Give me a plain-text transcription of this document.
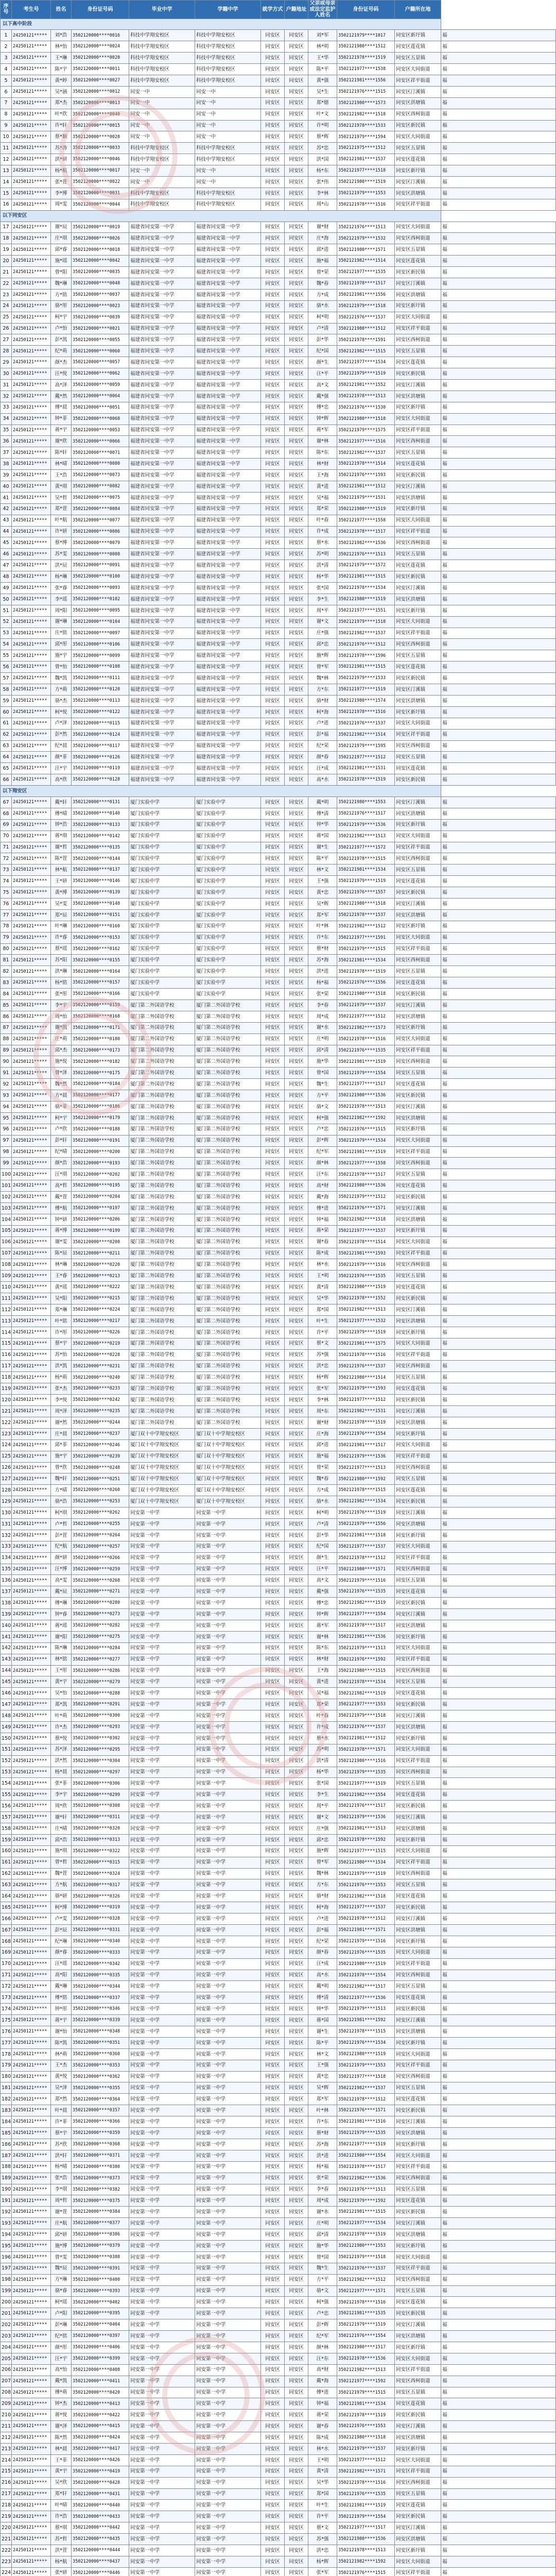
序号	考生号	姓名	身份证号码	毕业中学	学籍中学	就学方式	户籍地址	父亲或母亲或法定监护人姓名	身份证号码	户籍所在地	
以下高中阶段											
1	24250121*****	刘*浩	3502120000****0016	科技中学翔安校区	科技中学翔安校区	同安区	同安区	刘*军	3502121979****1017	同安区新圩镇	福
2	24250121*****	林*怡	3502120000****0024	科技中学翔安校区	科技中学翔安校区	同安区	同安区	林*明	3502121980****1512	同安区莲花镇	福
3	24250121*****	王*琳	3502120000****0028	科技中学翔安校区	科技中学翔安校区	同安区	同安区	王*华	3502121978****1519	同安区五显镇	福
4	24250121*****	陈*宇	3502120000****0011	科技中学翔安校区	科技中学翔安校区	同安区	同安区	陈*平	3502121977****1538	同安区大同街道	福
5	24250121*****	黄*婷	3502120000****0027	科技中学翔安校区	科技中学翔安校区	同安区	同安区	黄*强	3502121981****1556	同安区祥平街道	福
6	24250121*****	吴*涵	3502120000****0012	同安一中	同安一中	同安区	同安区	吴*生	3502121976****1515	同安区汀溪镇	福
7	24250121*****	郑*杰	3502120000****0013	同安一中	同安一中	同安区	同安区	郑*德	3502121980****1573	同安区洪塘镇	福
8	24250121*****	叶*欣	3502120000****0040	同安一中	同安一中	同安区	同安区	叶*文	3502121982****1518	同安区西柯街道	福
9	24250121*****	许*轩	3502120000****0015	同安一中	同安一中	同安区	同安区	许*明	3502121978****1533	同安区新民镇	福
10	24250121*****	蔡*颖	3502120000****0020	同安一中	同安一中	同安区	同安区	蔡*辉	3502121979****1594	同安区大同街道	福
11	24250121*****	苏*涛	3502120000****0033	科技中学翔安校区	科技中学翔安校区	同安区	同安区	苏*忠	3502121975****1512	同安区五显镇	福
12	24250121*****	洪*妍	3502120000****0046	科技中学翔安校区	科技中学翔安校区	同安区	同安区	洪*国	3502121981****1537	同安区莲花镇	福
13	24250121*****	杨*航	3502120000****0017	同安一中	同安一中	同安区	同安区	杨*东	3502121977****1518	同安区新圩镇	福
14	24250121*****	张*萱	3502120000****0022	同安一中	同安一中	同安区	同安区	张*伟	3502121980****1519	同安区汀溪镇	福
15	24250121*****	李*博	3502120000****0031	科技中学翔安校区	科技中学翔安校区	同安区	同安区	李*林	3502121979****1553	同安区洪塘镇	福
16	24250121*****	周*雯	3502120000****0044	科技中学翔安校区	科技中学翔安校区	同安区	同安区	周*山	3502121978****1516	同安区祥平街道	福
以下同安区											
17	24250121*****	谢*辰	3502120000****0019	福建省同安第一中学	福建省同安第一中学	同安区	同安区	谢*财	3502121976****1513	同安区大同街道	福
18	24250121*****	庄*琪	3502120000****0026	福建省同安第一中学	福建省同安第一中学	同安区	同安区	庄*海	3502121979****1532	同安区西柯街道	福
19	24250121*****	邱*睿	3502120000****0018	福建省同安第一中学	福建省同安第一中学	同安区	同安区	邱*进	3502121980****1571	同安区五显镇	福
20	24250121*****	施*瑶	3502120000****0042	福建省同安第一中学	福建省同安第一中学	同安区	同安区	施*福	3502121982****1514	同安区莲花镇	福
21	24250121*****	曾*阳	3502120000****0035	福建省同安第一中学	福建省同安第一中学	同安区	同安区	曾*荣	3502121977****1535	同安区新民镇	福
22	24250121*****	魏*琳	3502120000****0048	福建省同安第一中学	福建省同安第一中学	同安区	同安区	魏*春	3502121978****1517	同安区汀溪镇	福
23	24250121*****	方*铭	3502120000****0037	福建省同安第一中学	福建省同安第一中学	同安区	同安区	方*成	3502121981****1556	同安区洪塘镇	福
24	24250121*****	骆*彤	3502120000****0023	福建省同安第一中学	福建省同安第一中学	同安区	同安区	骆*水	3502121979****1518	同安区新圩镇	福
25	24250121*****	柯*宇	3502120000****0039	福建省同安第一中学	福建省同安第一中学	同安区	同安区	柯*明	3502121976****1537	同安区大同街道	福
26	24250121*****	卢*怡	3502120000****0021	福建省同安第一中学	福建省同安第一中学	同安区	同安区	卢*清	3502121980****1512	同安区祥平街道	福
27	24250121*****	彭*凯	3502120000****0055	福建省同安第一中学	福建省同安第一中学	同安区	同安区	彭*华	3502121978****1591	同安区西柯街道	福
28	24250121*****	纪*萌	3502120000****0060	福建省同安第一中学	福建省同安第一中学	同安区	同安区	纪*国	3502121982****1515	同安区五显镇	福
29	24250121*****	颜*杰	3502120000****0057	福建省同安第一中学	福建省同安第一中学	同安区	同安区	颜*生	3502121977****1534	同安区莲花镇	福
30	24250121*****	汪*悦	3502120000****0062	福建省同安第一中学	福建省同安第一中学	同安区	同安区	汪*平	3502121979****1519	同安区新民镇	福
31	24250121*****	高*泽	3502120000****0059	福建省同安第一中学	福建省同安第一中学	同安区	同安区	高*文	3502121981****1552	同安区汀溪镇	福
32	24250121*****	戴*然	3502120000****0064	福建省同安第一中学	福建省同安第一中学	同安区	同安区	戴*强	3502121978****1513	同安区洪塘镇	福
33	24250121*****	傅*晨	3502120000****0051	福建省同安第一中学	福建省同安第一中学	同安区	同安区	傅*忠	3502121976****1530	同安区新圩镇	福
34	24250121*****	钟*菲	3502120000****0068	福建省同安第一中学	福建省同安第一中学	同安区	同安区	钟*辉	3502121980****1518	同安区大同街道	福
35	24250121*****	蒋*宇	3502120000****0053	福建省同安第一中学	福建省同安第一中学	同安区	同安区	蒋*军	3502121979****1575	同安区祥平街道	福
36	24250121*****	谢*欣	3502120000****0066	福建省同安第一中学	福建省同安第一中学	同安区	同安区	谢*林	3502121977****1516	同安区西柯街道	福
37	24250121*****	陈*轩	3502120000****0071	福建省同安第一中学	福建省同安第一中学	同安区	同安区	陈*东	3502121982****1537	同安区五显镇	福
38	24250121*****	林*晴	3502120000****0080	福建省同安第一中学	福建省同安第一中学	同安区	同安区	林*财	3502121978****1514	同安区莲花镇	福
39	24250121*****	王*浩	3502120000****0073	福建省同安第一中学	福建省同安第一中学	同安区	同安区	王*海	3502121976****1593	同安区新民镇	福
40	24250121*****	黄*琪	3502120000****0082	福建省同安第一中学	福建省同安第一中学	同安区	同安区	黄*进	3502121981****1512	同安区汀溪镇	福
41	24250121*****	吴*哲	3502120000****0075	福建省同安第一中学	福建省同安第一中学	同安区	同安区	吴*福	3502121979****1531	同安区洪塘镇	福
42	24250121*****	郑*萱	3502120000****0084	福建省同安第一中学	福建省同安第一中学	同安区	同安区	郑*荣	3502121980****1519	同安区新圩镇	福
43	24250121*****	叶*航	3502120000****0077	福建省同安第一中学	福建省同安第一中学	同安区	同安区	叶*春	3502121977****1558	同安区大同街道	福
44	24250121*****	许*妍	3502120000****0086	福建省同安第一中学	福建省同安第一中学	同安区	同安区	许*成	3502121978****1517	同安区祥平街道	福
45	24250121*****	蔡*博	3502120000****0079	福建省同安第一中学	福建省同安第一中学	同安区	同安区	蔡*水	3502121982****1536	同安区西柯街道	福
46	24250121*****	苏*雯	3502120000****0088	福建省同安第一中学	福建省同安第一中学	同安区	同安区	苏*明	3502121976****1513	同安区五显镇	福
47	24250121*****	洪*辰	3502120000****0091	福建省同安第一中学	福建省同安第一中学	同安区	同安区	洪*清	3502121979****1572	同安区莲花镇	福
48	24250121*****	杨*琳	3502120000****0100	福建省同安第一中学	福建省同安第一中学	同安区	同安区	杨*华	3502121981****1515	同安区新民镇	福
49	24250121*****	张*睿	3502120000****0093	福建省同安第一中学	福建省同安第一中学	同安区	同安区	张*国	3502121978****1534	同安区汀溪镇	福
50	24250121*****	李*瑶	3502120000****0102	福建省同安第一中学	福建省同安第一中学	同安区	同安区	李*生	3502121980****1519	同安区洪塘镇	福
51	24250121*****	周*阳	3502120000****0095	福建省同安第一中学	福建省同安第一中学	同安区	同安区	周*平	3502121977****1551	同安区新圩镇	福
52	24250121*****	谢*琳	3502120000****0104	福建省同安第一中学	福建省同安第一中学	同安区	同安区	谢*文	3502121979****1518	同安区大同街道	福
53	24250121*****	庄*铭	3502120000****0097	福建省同安第一中学	福建省同安第一中学	同安区	同安区	庄*强	3502121982****1537	同安区祥平街道	福
54	24250121*****	邱*彤	3502120000****0106	福建省同安第一中学	福建省同安第一中学	同安区	同安区	邱*忠	3502121976****1512	同安区西柯街道	福
55	24250121*****	施*宇	3502120000****0099	福建省同安第一中学	福建省同安第一中学	同安区	同安区	施*辉	3502121978****1596	同安区五显镇	福
56	24250121*****	曾*怡	3502120000****0108	福建省同安第一中学	福建省同安第一中学	同安区	同安区	曾*军	3502121981****1515	同安区莲花镇	福
57	24250121*****	魏*凯	3502120000****0111	福建省同安第一中学	福建省同安第一中学	同安区	同安区	魏*林	3502121979****1533	同安区新民镇	福
58	24250121*****	方*萌	3502120000****0120	福建省同安第一中学	福建省同安第一中学	同安区	同安区	方*东	3502121977****1519	同安区汀溪镇	福
59	24250121*****	骆*杰	3502120000****0113	福建省同安第一中学	福建省同安第一中学	同安区	同安区	骆*财	3502121980****1574	同安区洪塘镇	福
60	24250121*****	柯*悦	3502120000****0122	福建省同安第一中学	福建省同安第一中学	同安区	同安区	柯*海	3502121978****1516	同安区新圩镇	福
61	24250121*****	卢*泽	3502120000****0115	福建省同安第一中学	福建省同安第一中学	同安区	同安区	卢*进	3502121976****1537	同安区大同街道	福
62	24250121*****	彭*然	3502120000****0124	福建省同安第一中学	福建省同安第一中学	同安区	同安区	彭*福	3502121982****1514	同安区祥平街道	福
63	24250121*****	纪*晨	3502120000****0117	福建省同安第一中学	福建省同安第一中学	同安区	同安区	纪*荣	3502121979****1595	同安区西柯街道	福
64	24250121*****	颜*菲	3502120000****0126	福建省同安第一中学	福建省同安第一中学	同安区	同安区	颜*春	3502121977****1512	同安区五显镇	福
65	24250121*****	汪*宇	3502120000****0119	福建省同安第一中学	福建省同安第一中学	同安区	同安区	汪*成	3502121981****1531	同安区莲花镇	福
66	24250121*****	高*欣	3502120000****0128	福建省同安第一中学	福建省同安第一中学	同安区	同安区	高*水	3502121978****1519	同安区新民镇	福
以下翔安区											
67	24250121*****	戴*轩	3502120000****0131	厦门实验中学	厦门实验中学	同安区	同安区	戴*明	3502121980****1553	同安区汀溪镇	福
68	24250121*****	傅*晴	3502120000****0140	厦门实验中学	厦门实验中学	同安区	同安区	傅*清	3502121976****1517	同安区洪塘镇	福
69	24250121*****	钟*浩	3502120000****0133	厦门实验中学	厦门实验中学	同安区	同安区	钟*华	3502121979****1536	同安区新圩镇	福
70	24250121*****	蒋*琪	3502120000****0142	厦门实验中学	厦门实验中学	同安区	同安区	蒋*国	3502121982****1513	同安区大同街道	福
71	24250121*****	谢*哲	3502120000****0135	厦门实验中学	厦门实验中学	同安区	同安区	谢*生	3502121977****1572	同安区祥平街道	福
72	24250121*****	陈*萱	3502120000****0144	厦门实验中学	厦门实验中学	同安区	同安区	陈*平	3502121978****1515	同安区西柯街道	福
73	24250121*****	林*航	3502120000****0137	厦门实验中学	厦门实验中学	同安区	同安区	林*文	3502121981****1534	同安区五显镇	福
74	24250121*****	王*妍	3502120000****0146	厦门实验中学	厦门实验中学	同安区	同安区	王*强	3502121979****1519	同安区莲花镇	福
75	24250121*****	黄*博	3502120000****0139	厦门实验中学	厦门实验中学	同安区	同安区	黄*忠	3502121976****1557	同安区新民镇	福
76	24250121*****	吴*雯	3502120000****0148	厦门实验中学	厦门实验中学	同安区	同安区	吴*辉	3502121980****1518	同安区汀溪镇	福
77	24250121*****	郑*辰	3502120000****0151	厦门实验中学	厦门实验中学	同安区	同安区	郑*军	3502121978****1537	同安区洪塘镇	福
78	24250121*****	叶*琳	3502120000****0160	厦门实验中学	厦门实验中学	同安区	同安区	叶*林	3502121982****1512	同安区新圩镇	福
79	24250121*****	许*睿	3502120000****0153	厦门实验中学	厦门实验中学	同安区	同安区	许*东	3502121977****1591	同安区大同街道	福
80	24250121*****	蔡*瑶	3502120000****0162	厦门实验中学	厦门实验中学	同安区	同安区	蔡*财	3502121979****1515	同安区祥平街道	福
81	24250121*****	苏*阳	3502120000****0155	厦门实验中学	厦门实验中学	同安区	同安区	苏*海	3502121981****1534	同安区西柯街道	福
82	24250121*****	洪*琳	3502120000****0164	厦门实验中学	厦门实验中学	同安区	同安区	洪*进	3502121978****1519	同安区五显镇	福
83	24250121*****	杨*铭	3502120000****0157	厦门实验中学	厦门实验中学	同安区	同安区	杨*福	3502121976****1556	同安区莲花镇	福
84	24250121*****	张*彤	3502120000****0166	厦门实验中学	厦门实验中学	同安区	同安区	张*荣	3502121980****1518	同安区新民镇	福
85	24250121*****	李*宇	3502120000****0159	厦门第二外国语学校	厦门第二外国语学校	同安区	同安区	李*春	3502121979****1537	同安区汀溪镇	福
86	24250121*****	周*怡	3502120000****0168	厦门第二外国语学校	厦门第二外国语学校	同安区	同安区	周*成	3502121977****1512	同安区洪塘镇	福
87	24250121*****	谢*凯	3502120000****0171	厦门第二外国语学校	厦门第二外国语学校	同安区	同安区	谢*水	3502121982****1573	同安区新圩镇	福
88	24250121*****	庄*萌	3502120000****0180	厦门第二外国语学校	厦门第二外国语学校	同安区	同安区	庄*明	3502121978****1516	同安区大同街道	福
89	24250121*****	邱*杰	3502120000****0173	厦门第二外国语学校	厦门第二外国语学校	同安区	同安区	邱*清	3502121976****1535	同安区祥平街道	福
90	24250121*****	施*悦	3502120000****0182	厦门第二外国语学校	厦门第二外国语学校	同安区	同安区	施*华	3502121981****1519	同安区西柯街道	福
91	24250121*****	曾*泽	3502120000****0175	厦门第二外国语学校	厦门第二外国语学校	同安区	同安区	曾*国	3502121979****1554	同安区五显镇	福
92	24250121*****	魏*然	3502120000****0184	厦门第二外国语学校	厦门第二外国语学校	同安区	同安区	魏*生	3502121977****1517	同安区莲花镇	福
93	24250121*****	方*晨	3502120000****0177	厦门第二外国语学校	厦门第二外国语学校	同安区	同安区	方*平	3502121980****1536	同安区新民镇	福
94	24250121*****	骆*菲	3502120000****0186	厦门第二外国语学校	厦门第二外国语学校	同安区	同安区	骆*文	3502121978****1513	同安区汀溪镇	福
95	24250121*****	柯*宇	3502120000****0179	厦门第二外国语学校	厦门第二外国语学校	同安区	同安区	柯*强	3502121982****1592	同安区洪塘镇	福
96	24250121*****	卢*欣	3502120000****0188	厦门第二外国语学校	厦门第二外国语学校	同安区	同安区	卢*忠	3502121976****1515	同安区新圩镇	福
97	24250121*****	彭*轩	3502120000****0191	厦门第二外国语学校	厦门第二外国语学校	同安区	同安区	彭*辉	3502121979****1534	同安区大同街道	福
98	24250121*****	纪*晴	3502120000****0200	厦门第二外国语学校	厦门第二外国语学校	同安区	同安区	纪*军	3502121981****1519	同安区祥平街道	福
99	24250121*****	颜*浩	3502120000****0193	厦门第二外国语学校	厦门第二外国语学校	同安区	同安区	颜*林	3502121977****1558	同安区西柯街道	福
100	24250121*****	汪*琪	3502120000****0202	厦门第二外国语学校	厦门第二外国语学校	同安区	同安区	汪*东	3502121978****1517	同安区五显镇	福
101	24250121*****	高*哲	3502120000****0195	厦门第二外国语学校	厦门第二外国语学校	同安区	同安区	高*财	3502121980****1536	同安区莲花镇	福
102	24250121*****	戴*萱	3502120000****0204	厦门第二外国语学校	厦门第二外国语学校	同安区	同安区	戴*海	3502121979****1512	同安区新民镇	福
103	24250121*****	傅*航	3502120000****0197	厦门第二外国语学校	厦门第二外国语学校	同安区	同安区	傅*进	3502121976****1571	同安区汀溪镇	福
104	24250121*****	钟*妍	3502120000****0206	厦门第二外国语学校	厦门第二外国语学校	同安区	同安区	钟*福	3502121982****1518	同安区洪塘镇	福
105	24250121*****	蒋*博	3502120000****0199	厦门第二外国语学校	厦门第二外国语学校	同安区	同安区	蒋*荣	3502121977****1537	同安区新圩镇	福
106	24250121*****	谢*雯	3502120000****0208	厦门第二外国语学校	厦门第二外国语学校	同安区	同安区	谢*春	3502121978****1514	同安区大同街道	福
107	24250121*****	陈*辰	3502120000****0211	厦门第二外国语学校	厦门第二外国语学校	同安区	同安区	陈*成	3502121981****1593	同安区祥平街道	福
108	24250121*****	林*琳	3502120000****0220	厦门第二外国语学校	厦门第二外国语学校	同安区	同安区	林*水	3502121979****1516	同安区西柯街道	福
109	24250121*****	王*睿	3502120000****0213	厦门第二外国语学校	厦门第二外国语学校	同安区	同安区	王*明	3502121976****1535	同安区五显镇	福
110	24250121*****	黄*瑶	3502120000****0222	厦门第二外国语学校	厦门第二外国语学校	同安区	同安区	黄*清	3502121980****1519	同安区莲花镇	福
111	24250121*****	吴*阳	3502120000****0215	厦门第二外国语学校	厦门第二外国语学校	同安区	同安区	吴*华	3502121978****1552	同安区新民镇	福
112	24250121*****	郑*琳	3502120000****0224	厦门第二外国语学校	厦门第二外国语学校	同安区	同安区	郑*国	3502121982****1513	同安区汀溪镇	福
113	24250121*****	叶*铭	3502120000****0217	厦门第二外国语学校	厦门第二外国语学校	同安区	同安区	叶*生	3502121977****1532	同安区洪塘镇	福
114	24250121*****	许*彤	3502120000****0226	厦门第二外国语学校	厦门第二外国语学校	同安区	同安区	许*平	3502121979****1519	同安区新圩镇	福
115	24250121*****	蔡*宇	3502120000****0219	厦门第二外国语学校	厦门第二外国语学校	同安区	同安区	蔡*文	3502121981****1575	同安区大同街道	福
116	24250121*****	苏*怡	3502120000****0228	厦门第二外国语学校	厦门第二外国语学校	同安区	同安区	苏*强	3502121978****1516	同安区祥平街道	福
117	24250121*****	洪*凯	3502120000****0231	厦门第二外国语学校	厦门第二外国语学校	同安区	同安区	洪*忠	3502121976****1537	同安区西柯街道	福
118	24250121*****	杨*萌	3502120000****0240	厦门第二外国语学校	厦门第二外国语学校	同安区	同安区	杨*辉	3502121980****1514	同安区五显镇	福
119	24250121*****	张*杰	3502120000****0233	厦门第二外国语学校	厦门第二外国语学校	同安区	同安区	张*军	3502121979****1593	同安区莲花镇	福
120	24250121*****	李*悦	3502120000****0242	厦门第二外国语学校	厦门第二外国语学校	同安区	同安区	李*林	3502121977****1512	同安区新民镇	福
121	24250121*****	周*泽	3502120000****0235	厦门第二外国语学校	厦门第二外国语学校	同安区	同安区	周*东	3502121982****1531	同安区汀溪镇	福
122	24250121*****	谢*然	3502120000****0244	厦门第二外国语学校	厦门第二外国语学校	同安区	同安区	谢*财	3502121978****1519	同安区洪塘镇	福
123	24250121*****	庄*晨	3502120000****0237	厦门双十中学翔安校区	厦门双十中学翔安校区	同安区	同安区	庄*海	3502121976****1554	同安区新圩镇	福
124	24250121*****	邱*菲	3502120000****0246	厦门双十中学翔安校区	厦门双十中学翔安校区	同安区	同安区	邱*进	3502121981****1517	同安区大同街道	福
125	24250121*****	施*宇	3502120000****0239	厦门双十中学翔安校区	厦门双十中学翔安校区	同安区	同安区	施*福	3502121979****1536	同安区祥平街道	福
126	24250121*****	曾*欣	3502120000****0248	厦门双十中学翔安校区	厦门双十中学翔安校区	同安区	同安区	曾*荣	3502121977****1513	同安区西柯街道	福
127	24250121*****	魏*轩	3502120000****0251	厦门双十中学翔安校区	厦门双十中学翔安校区	同安区	同安区	魏*春	3502121980****1592	同安区五显镇	福
128	24250121*****	方*晴	3502120000****0260	厦门双十中学翔安校区	厦门双十中学翔安校区	同安区	同安区	方*成	3502121978****1515	同安区莲花镇	福
129	24250121*****	骆*浩	3502120000****0253	厦门双十中学翔安校区	厦门双十中学翔安校区	同安区	同安区	骆*水	3502121982****1534	同安区新民镇	福
130	24250121*****	柯*琪	3502120000****0262	同安第一中学	同安第一中学	同安区	同安区	柯*明	3502121976****1519	同安区汀溪镇	福
131	24250121*****	卢*哲	3502120000****0255	同安第一中学	同安第一中学	同安区	同安区	卢*清	3502121979****1556	同安区洪塘镇	福
132	24250121*****	彭*萱	3502120000****0264	同安第一中学	同安第一中学	同安区	同安区	彭*华	3502121981****1518	同安区新圩镇	福
133	24250121*****	纪*航	3502120000****0257	同安第一中学	同安第一中学	同安区	同安区	纪*国	3502121977****1537	同安区大同街道	福
134	24250121*****	颜*妍	3502120000****0266	同安第一中学	同安第一中学	同安区	同安区	颜*生	3502121978****1512	同安区祥平街道	福
135	24250121*****	汪*博	3502120000****0259	同安第一中学	同安第一中学	同安区	同安区	汪*平	3502121980****1571	同安区西柯街道	福
136	24250121*****	高*雯	3502120000****0268	同安第一中学	同安第一中学	同安区	同安区	高*文	3502121979****1516	同安区五显镇	福
137	24250121*****	戴*辰	3502120000****0271	同安第一中学	同安第一中学	同安区	同安区	戴*强	3502121976****1535	同安区莲花镇	福
138	24250121*****	傅*琳	3502120000****0280	同安第一中学	同安第一中学	同安区	同安区	傅*忠	3502121982****1519	同安区新民镇	福
139	24250121*****	钟*睿	3502120000****0273	同安第一中学	同安第一中学	同安区	同安区	钟*辉	3502121977****1554	同安区汀溪镇	福
140	24250121*****	蒋*瑶	3502120000****0282	同安第一中学	同安第一中学	同安区	同安区	蒋*军	3502121978****1517	同安区洪塘镇	福
141	24250121*****	谢*阳	3502120000****0275	同安第一中学	同安第一中学	同安区	同安区	谢*林	3502121981****1536	同安区新圩镇	福
142	24250121*****	陈*琳	3502120000****0284	同安第一中学	同安第一中学	同安区	同安区	陈*东	3502121979****1513	同安区大同街道	福
143	24250121*****	林*铭	3502120000****0277	同安第一中学	同安第一中学	同安区	同安区	林*财	3502121976****1592	同安区祥平街道	福
144	24250121*****	王*彤	3502120000****0286	同安第一中学	同安第一中学	同安区	同安区	王*海	3502121980****1515	同安区西柯街道	福
145	24250121*****	黄*宇	3502120000****0279	同安第一中学	同安第一中学	同安区	同安区	黄*进	3502121978****1534	同安区五显镇	福
146	24250121*****	吴*怡	3502120000****0288	同安第一中学	同安第一中学	同安区	同安区	吴*福	3502121982****1519	同安区莲花镇	福
147	24250121*****	郑*凯	3502120000****0291	同安第一中学	同安第一中学	同安区	同安区	郑*荣	3502121977****1553	同安区新民镇	福
148	24250121*****	叶*萌	3502120000****0300	同安第一中学	同安第一中学	同安区	同安区	叶*春	3502121979****1518	同安区汀溪镇	福
149	24250121*****	许*杰	3502120000****0293	同安第一中学	同安第一中学	同安区	同安区	许*成	3502121976****1537	同安区洪塘镇	福
150	24250121*****	蔡*悦	3502120000****0302	同安第一中学	同安第一中学	同安区	同安区	蔡*水	3502121981****1512	同安区新圩镇	福
151	24250121*****	苏*泽	3502120000****0295	同安第一中学	同安第一中学	同安区	同安区	苏*明	3502121978****1571	同安区大同街道	福
152	24250121*****	洪*然	3502120000****0304	同安第一中学	同安第一中学	同安区	同安区	洪*清	3502121980****1516	同安区祥平街道	福
153	24250121*****	杨*晨	3502120000****0297	同安第一中学	同安第一中学	同安区	同安区	杨*华	3502121979****1535	同安区西柯街道	福
154	24250121*****	张*菲	3502120000****0306	同安第一中学	同安第一中学	同安区	同安区	张*国	3502121977****1519	同安区五显镇	福
155	24250121*****	李*宇	3502120000****0299	同安第一中学	同安第一中学	同安区	同安区	李*生	3502121982****1554	同安区莲花镇	福
156	24250121*****	周*欣	3502120000****0308	同安第一中学	同安第一中学	同安区	同安区	周*平	3502121976****1517	同安区新民镇	福
157	24250121*****	谢*轩	3502120000****0311	同安第一中学	同安第一中学	同安区	同安区	谢*文	3502121979****1536	同安区汀溪镇	福
158	24250121*****	庄*晴	3502120000****0320	同安第一中学	同安第一中学	同安区	同安区	庄*强	3502121981****1513	同安区洪塘镇	福
159	24250121*****	邱*浩	3502120000****0313	同安第一中学	同安第一中学	同安区	同安区	邱*忠	3502121978****1592	同安区新圩镇	福
160	24250121*****	施*琪	3502120000****0322	同安第一中学	同安第一中学	同安区	同安区	施*辉	3502121977****1515	同安区大同街道	福
161	24250121*****	曾*哲	3502120000****0315	同安第一中学	同安第一中学	同安区	同安区	曾*军	3502121980****1534	同安区祥平街道	福
162	24250121*****	魏*萱	3502120000****0324	同安第一中学	同安第一中学	同安区	同安区	魏*林	3502121979****1519	同安区西柯街道	福
163	24250121*****	方*航	3502120000****0317	同安第一中学	同安第一中学	同安区	同安区	方*东	3502121976****1553	同安区五显镇	福
164	24250121*****	骆*妍	3502120000****0326	同安第一中学	同安第一中学	同安区	同安区	骆*财	3502121982****1518	同安区莲花镇	福
165	24250121*****	柯*博	3502120000****0319	同安第一中学	同安第一中学	同安区	同安区	柯*海	3502121977****1537	同安区新民镇	福
166	24250121*****	卢*雯	3502120000****0328	同安第一中学	同安第一中学	同安区	同安区	卢*进	3502121978****1512	同安区汀溪镇	福
167	24250121*****	彭*辰	3502120000****0331	同安第一中学	同安第一中学	同安区	同安区	彭*福	3502121981****1571	同安区洪塘镇	福
168	24250121*****	纪*琳	3502120000****0340	同安第一中学	同安第一中学	同安区	同安区	纪*荣	3502121979****1516	同安区新圩镇	福
169	24250121*****	颜*睿	3502120000****0333	同安第一中学	同安第一中学	同安区	同安区	颜*春	3502121976****1535	同安区大同街道	福
170	24250121*****	汪*瑶	3502120000****0342	同安第一中学	同安第一中学	同安区	同安区	汪*成	3502121980****1519	同安区祥平街道	福
171	24250121*****	高*阳	3502120000****0335	同安第一中学	同安第一中学	同安区	同安区	高*水	3502121978****1554	同安区西柯街道	福
172	24250121*****	戴*琳	3502120000****0344	同安第一中学	同安第一中学	同安区	同安区	戴*明	3502121982****1517	同安区五显镇	福
173	24250121*****	傅*铭	3502120000****0337	同安第一中学	同安第一中学	同安区	同安区	傅*清	3502121977****1536	同安区莲花镇	福
174	24250121*****	钟*彤	3502120000****0346	同安第一中学	同安第一中学	同安区	同安区	钟*华	3502121979****1513	同安区新民镇	福
175	24250121*****	蒋*宇	3502120000****0339	同安第一中学	同安第一中学	同安区	同安区	蒋*国	3502121981****1592	同安区汀溪镇	福
176	24250121*****	谢*怡	3502120000****0348	同安第一中学	同安第一中学	同安区	同安区	谢*生	3502121978****1515	同安区洪塘镇	福
177	24250121*****	陈*凯	3502120000****0351	同安第一中学	同安第一中学	同安区	同安区	陈*平	3502121976****1534	同安区新圩镇	福
178	24250121*****	林*萌	3502120000****0360	同安第一中学	同安第一中学	同安区	同安区	林*文	3502121980****1519	同安区大同街道	福
179	24250121*****	王*杰	3502120000****0353	同安第一中学	同安第一中学	同安区	同安区	王*强	3502121979****1553	同安区祥平街道	福
180	24250121*****	黄*悦	3502120000****0362	同安第一中学	同安第一中学	同安区	同安区	黄*忠	3502121977****1518	同安区西柯街道	福
181	24250121*****	吴*泽	3502120000****0355	同安第一中学	同安第一中学	同安区	同安区	吴*辉	3502121982****1537	同安区五显镇	福
182	24250121*****	郑*然	3502120000****0364	同安第一中学	同安第一中学	同安区	同安区	郑*军	3502121978****1512	同安区莲花镇	福
183	24250121*****	叶*晨	3502120000****0357	同安第一中学	同安第一中学	同安区	同安区	叶*林	3502121976****1571	同安区新民镇	福
184	24250121*****	许*菲	3502120000****0366	同安第一中学	同安第一中学	同安区	同安区	许*东	3502121981****1516	同安区汀溪镇	福
185	24250121*****	蔡*宇	3502120000****0359	同安第一中学	同安第一中学	同安区	同安区	蔡*财	3502121979****1535	同安区洪塘镇	福
186	24250121*****	苏*欣	3502120000****0368	同安第一中学	同安第一中学	同安区	同安区	苏*海	3502121977****1519	同安区新圩镇	福
187	24250121*****	洪*轩	3502120000****0371	同安第一中学	同安第一中学	同安区	同安区	洪*进	3502121980****1554	同安区大同街道	福
188	24250121*****	杨*晴	3502120000****0380	同安第一中学	同安第一中学	同安区	同安区	杨*福	3502121978****1517	同安区祥平街道	福
189	24250121*****	张*浩	3502120000****0373	同安第一中学	同安第一中学	同安区	同安区	张*荣	3502121982****1536	同安区西柯街道	福
190	24250121*****	李*琪	3502120000****0382	同安第一中学	同安第一中学	同安区	同安区	李*春	3502121976****1513	同安区五显镇	福
191	24250121*****	周*哲	3502120000****0375	同安第一中学	同安第一中学	同安区	同安区	周*成	3502121979****1592	同安区莲花镇	福
192	24250121*****	谢*萱	3502120000****0384	同安第一中学	同安第一中学	同安区	同安区	谢*水	3502121981****1515	同安区新民镇	福
193	24250121*****	庄*航	3502120000****0377	同安第一中学	同安第一中学	同安区	同安区	庄*明	3502121977****1534	同安区汀溪镇	福
194	24250121*****	邱*妍	3502120000****0386	同安第一中学	同安第一中学	同安区	同安区	邱*清	3502121978****1519	同安区洪塘镇	福
195	24250121*****	施*博	3502120000****0379	同安第一中学	同安第一中学	同安区	同安区	施*华	3502121980****1553	同安区新圩镇	福
196	24250121*****	曾*雯	3502120000****0388	同安第一中学	同安第一中学	同安区	同安区	曾*国	3502121979****1518	同安区大同街道	福
197	24250121*****	魏*辰	3502120000****0391	同安第一中学	同安第一中学	同安区	同安区	魏*生	3502121976****1537	同安区祥平街道	福
198	24250121*****	方*琳	3502120000****0400	同安第一中学	同安第一中学	同安区	同安区	方*平	3502121982****1512	同安区西柯街道	福
199	24250121*****	骆*睿	3502120000****0393	同安第一中学	同安第一中学	同安区	同安区	骆*文	3502121977****1571	同安区五显镇	福
200	24250121*****	柯*瑶	3502120000****0402	同安第一中学	同安第一中学	同安区	同安区	柯*强	3502121978****1516	同安区莲花镇	福
201	24250121*****	卢*阳	3502120000****0395	同安第一中学	同安第一中学	同安区	同安区	卢*忠	3502121981****1535	同安区新民镇	福
202	24250121*****	彭*琳	3502120000****0404	同安第一中学	同安第一中学	同安区	同安区	彭*辉	3502121979****1519	同安区汀溪镇	福
203	24250121*****	纪*铭	3502120000****0397	同安第一中学	同安第一中学	同安区	同安区	纪*军	3502121976****1554	同安区洪塘镇	福
204	24250121*****	颜*彤	3502120000****0406	同安第一中学	同安第一中学	同安区	同安区	颜*林	3502121980****1517	同安区新圩镇	福
205	24250121*****	汪*宇	3502120000****0399	同安第一中学	同安第一中学	同安区	同安区	汪*东	3502121978****1536	同安区大同街道	福
206	24250121*****	高*怡	3502120000****0408	同安第一中学	同安第一中学	同安区	同安区	高*财	3502121982****1513	同安区祥平街道	福
207	24250121*****	戴*凯	3502120000****0411	同安第一中学	同安第一中学	同安区	同安区	戴*海	3502121977****1592	同安区西柯街道	福
208	24250121*****	傅*萌	3502120000****0420	同安第一中学	同安第一中学	同安区	同安区	傅*进	3502121979****1515	同安区五显镇	福
209	24250121*****	钟*杰	3502120000****0413	同安第一中学	同安第一中学	同安区	同安区	钟*福	3502121981****1534	同安区莲花镇	福
210	24250121*****	蒋*悦	3502120000****0422	同安第一中学	同安第一中学	同安区	同安区	蒋*荣	3502121978****1519	同安区新民镇	福
211	24250121*****	谢*泽	3502120000****0415	同安第一中学	同安第一中学	同安区	同安区	谢*春	3502121976****1553	同安区汀溪镇	福
212	24250121*****	陈*然	3502120000****0424	同安第一中学	同安第一中学	同安区	同安区	陈*成	3502121980****1518	同安区洪塘镇	福
213	24250121*****	林*晨	3502120000****0417	同安第一中学	同安第一中学	同安区	同安区	林*水	3502121979****1537	同安区新圩镇	福
214	24250121*****	王*菲	3502120000****0426	同安第一中学	同安第一中学	同安区	同安区	王*明	3502121977****1512	同安区大同街道	福
215	24250121*****	黄*宇	3502120000****0419	同安第一中学	同安第一中学	同安区	同安区	黄*清	3502121982****1571	同安区祥平街道	福
216	24250121*****	吴*欣	3502120000****0428	同安第一中学	同安第一中学	同安区	同安区	吴*华	3502121978****1516	同安区西柯街道	福
217	24250121*****	郑*轩	3502120000****0431	同安第一中学	同安第一中学	同安区	同安区	郑*国	3502121976****1535	同安区五显镇	福
218	24250121*****	叶*晴	3502120000****0440	同安第一中学	同安第一中学	同安区	同安区	叶*生	3502121981****1519	同安区莲花镇	福
219	24250121*****	许*浩	3502120000****0433	同安第一中学	同安第一中学	同安区	同安区	许*平	3502121979****1554	同安区新民镇	福
220	24250121*****	蔡*琪	3502120000****0442	同安第一中学	同安第一中学	同安区	同安区	蔡*文	3502121977****1517	同安区汀溪镇	福
221	24250121*****	苏*哲	3502120000****0435	同安第一中学	同安第一中学	同安区	同安区	苏*强	3502121980****1536	同安区洪塘镇	福
222	24250121*****	洪*萱	3502120000****0444	同安第一中学	同安第一中学	同安区	同安区	洪*忠	3502121978****1513	同安区新圩镇	福
223	24250121*****	杨*航	3502120000****0437	同安第一中学	同安第一中学	同安区	同安区	杨*辉	3502121982****1592	同安区大同街道	福
224	24250121*****	张*妍	3502120000****0446	同安第一中学	同安第一中学	同安区	同安区	张*军	3502121976****1515	同安区祥平街道	福
